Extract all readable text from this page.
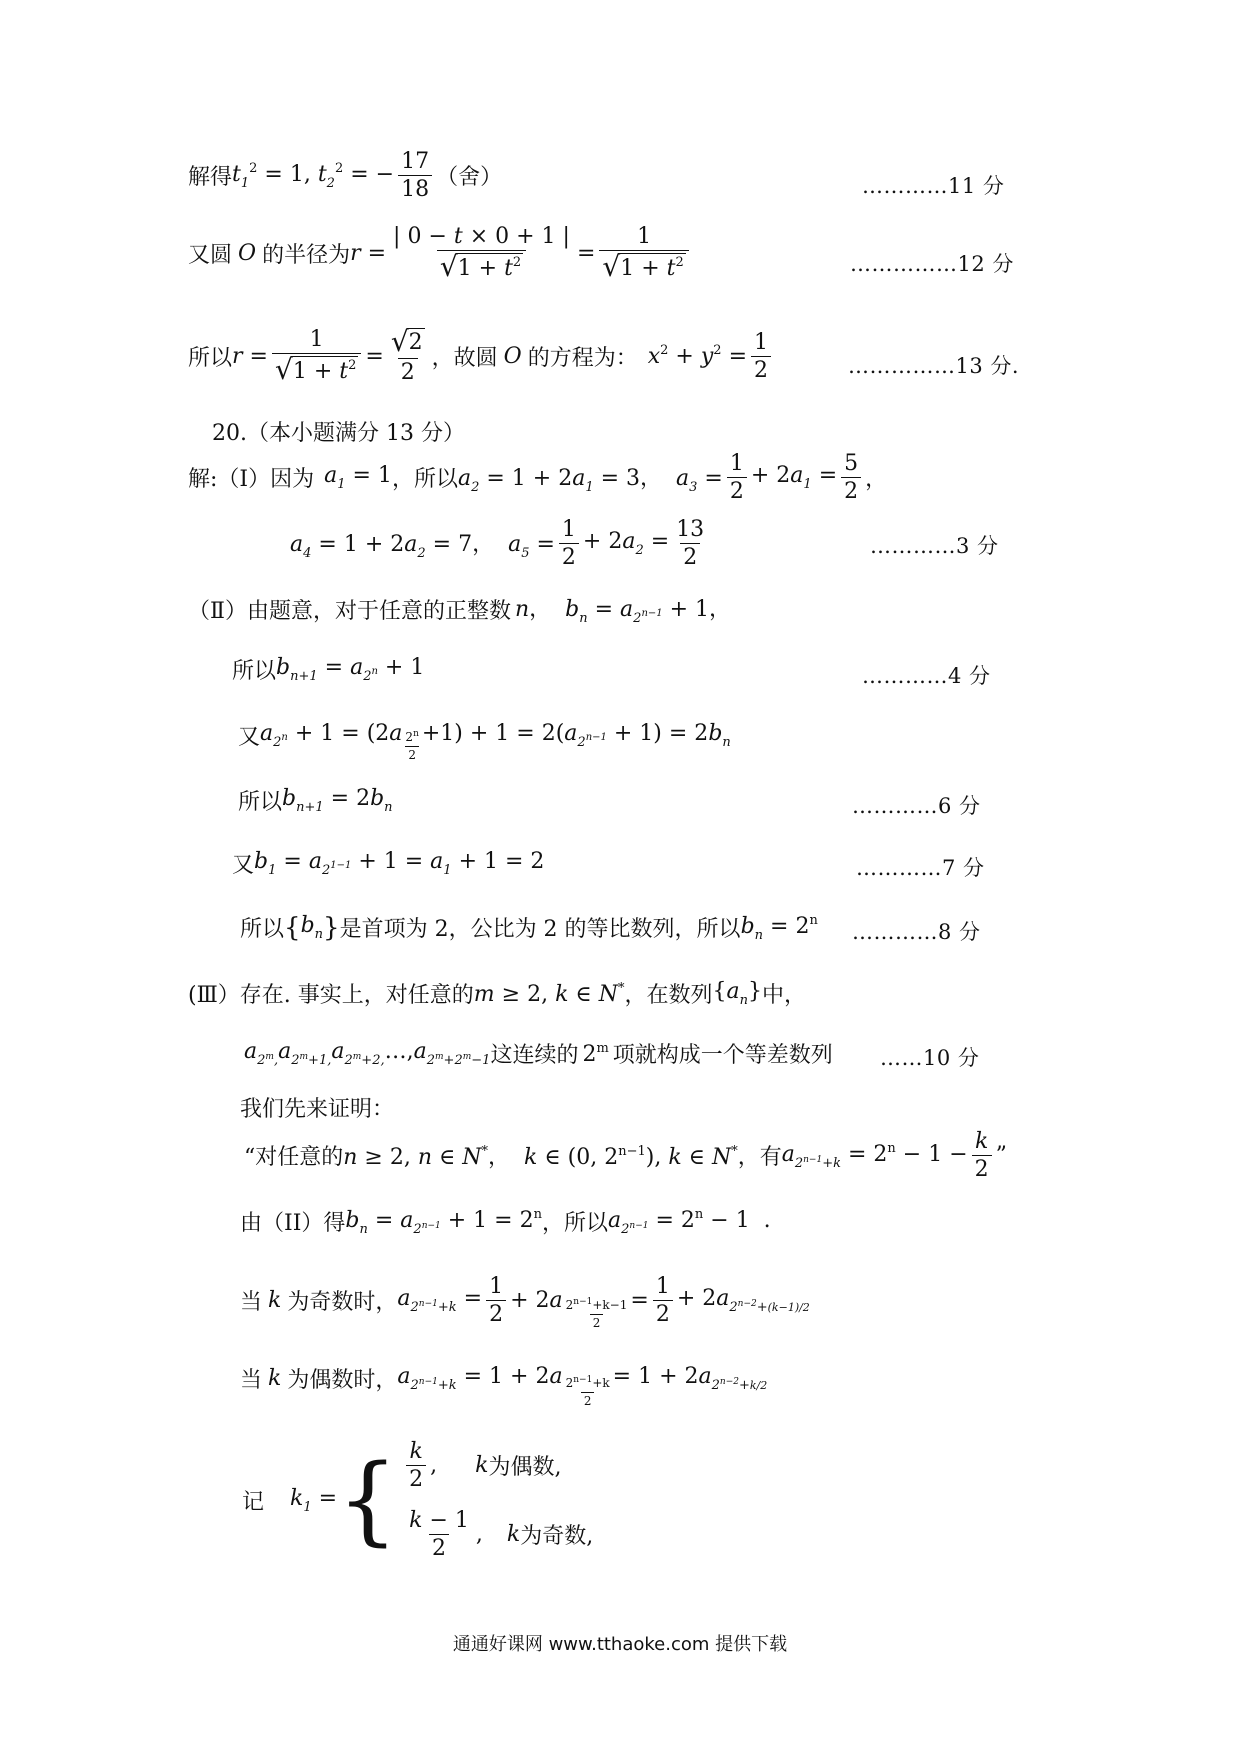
解得 $t_1^2 = 1$, $t_2^2$ = − $\frac{17}{18}$ （舍）	…………11 分
又圆 O 的半径为 $r = \frac{| 0 - t \times 0 + 1 |}{√ 1 + t^2} = \frac{1}{√ 1 + t^2}$	……………12 分
所以 $r = \frac{1}{√ 1 + t^2} = \frac{√ 2}{2}$ ，故圆 O 的方程为： $x^2 + y^2 = \frac{1}{2}$	……………13 分.
20.（本小题满分 13 分）
解:（Ⅰ）因为 $a_1 = 1$ ，所以 $a_2 = 1 + 2a_1 = 3$，  $a_3 = \frac{1}{2} + 2a_1 = \frac{5}{2}$ ，
$a_4 = 1 + 2a_2 = 7$，  $a_5 = \frac{1}{2} + 2a_2 = \frac{13}{2}$	…………3 分
（Ⅱ）由题意，对于任意的正整数 n，  $b_n = a_{2^{n-1}} + 1$，
所以 $b_{n+1} = a_{2^n} + 1$	…………4 分
又 $a_{2^n} + 1 = (2a \frac{2^n}{2} +1) + 1 = 2(a_{2^{n-1}} + 1) = 2b_n$
所以 $b_{n+1} = 2b_n$	…………6 分
又 $b_1 = a_{2^{1-1}} + 1 = a_1 + 1 = 2$	…………7 分
所以 { $b_n$ } 是首项为 2，公比为 2 的等比数列，所以 $b_n = 2^n$ …………8 分
(Ⅲ）存在. 事实上，对任意的 m ≥ 2, k ∈ N* ，在数列 $\{a_n\}$ 中，
$a_{2^m,}a_{2^m+1,}a_{2^m+2,}\dots,a_{2^m+2^m-1}$ 这连续的 2$^m$ 项就构成一个等差数列 ……10 分
我们先来证明：
“对任意的 n ≥ 2, n ∈ N*，  k ∈ (0, $2^{n-1}$), k ∈ N* ，有 $a_{2^{n-1}+k} = 2^n - 1 - \frac{k}{2}$ ”
由（II）得 $b_n = a_{2^{n-1}} + 1 = 2^n$ ，所以 $a_{2^{n-1}} = 2^n - 1$  .
当 k 为奇数时， $a_{2^{n-1}+k} = \frac{1}{2} + 2a \frac{2^{n-1}+k-1}{2} = \frac{1}{2} + 2a_{2^{n-2}+(k-1)/2}$
当 k 为偶数时， $a_{2^{n-1}+k} = 1 + 2a \frac{2^{n-1}+k}{2} = 1 + 2a_{2^{n-2}+k/2}$
记 $k_1$ = { $\frac{k}{2}$ , k 为偶数,
$\frac{k - 1}{2}$ , k 为奇数,
通通好课网 www.tthaoke.com 提供下载
